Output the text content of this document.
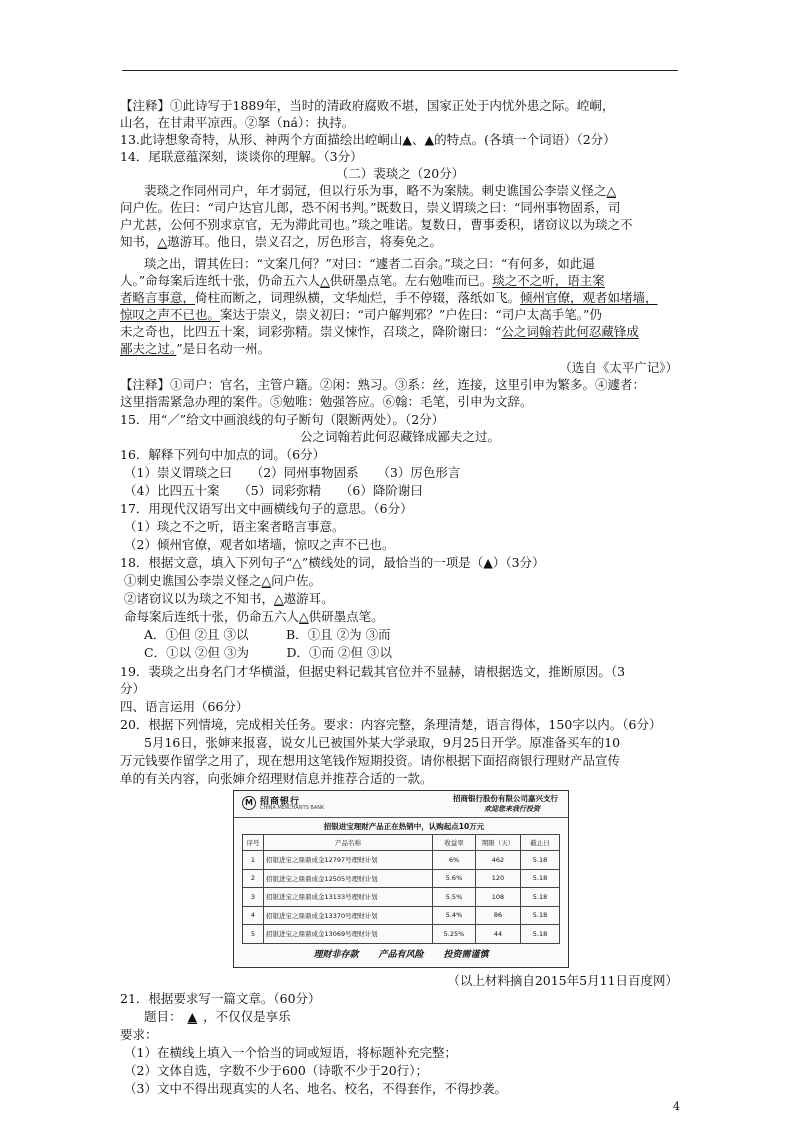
【注释】①此诗写于1889年，当时的清政府腐败不堪，国家正处于内忧外患之际。崆峒，
山名，在甘肃平凉西。②拏（ná）：执持。
13.此诗想象奇特，从形、神两个方面描绘出崆峒山▲、▲的特点。(各填一个词语）（2分）
14．尾联意蕴深刻，谈谈你的理解。（3分）
（二）裴琰之（20分）
裴琰之作同州司户，年才弱冠，但以行乐为事，略不为案牍。刺史谯国公李崇义怪之△
问户佐。佐曰：“司户达官儿郎，恐不闲书判。”既数日，崇义谓琰之曰：“同州事物固系，司
户尤甚，公何不别求京官，无为滞此司也。”琰之唯诺。复数日，曹事委积，诸窃议以为琰之不
知书，△遨游耳。他日，崇义召之，厉色形言，将奏免之。
琰之出，谓其佐曰：“文案几何？”对曰：“遽者二百余。”琰之曰：“有何多，如此逼
人。”命每案后连纸十张，仍命五六人△供研墨点笔。左右勉唯而已。琰之不之听，语主案
者略言事意，倚柱而断之，词理纵横，文华灿烂，手不停辍，落纸如飞。倾州官僚，观者如堵墙，
惊叹之声不已也。案达于崇义，崇义初曰：“司户解判邪？”户佐曰：“司户太高手笔。”仍
未之奇也，比四五十案，词彩弥精。崇义悚怍，召琰之，降阶谢曰：“公之词翰若此何忍藏锋成
鄙夫之过。”是日名动一州。
（选自《太平广记》）
【注释】①司户：官名，主管户籍。②闲：熟习。③系：丝，连接，这里引申为繁多。④遽者：
这里指需紧急办理的案件。⑤勉唯：勉强答应。⑥翰：毛笔，引申为文辞。
15．用“／”给文中画浪线的句子断句（限断两处）。（2分）
公之词翰若此何忍藏锋成鄙夫之过。
16．解释下列句中加点的词。（6分）
（1）崇义谓琰之曰　　（2）同州事物固系　　（3）厉色形言
（4）比四五十案　　（5）词彩弥精　　（6）降阶谢曰
17．用现代汉语写出文中画横线句子的意思。（6分）
（1）琰之不之听，语主案者略言事意。
（2）倾州官僚，观者如堵墙，惊叹之声不已也。
18．根据文意，填入下列句子“△”横线处的词，最恰当的一项是（▲）（3分）
①刺史谯国公李崇义怪之△问户佐。
②诸窃议以为琰之不知书，△遨游耳。
命每案后连纸十张，仍命五六人△供研墨点笔。
A．①但 ②且 ③以　　　B．①且 ②为 ③而
C．①以 ②但 ③为　　　D．①而 ②但 ③以
19．裴琰之出身名门才华横溢，但据史料记载其官位并不显赫，请根据选文，推断原因。（3
分）
四、语言运用（66分）
20．根据下列情境，完成相关任务。要求：内容完整，条理清楚，语言得体，150字以内。（6分）
5月16日，张婶来报喜，说女儿已被国外某大学录取，9月25日开学。原准备买车的10
万元钱要作留学之用了，现在想用这笔钱作短期投资。请你根据下面招商银行理财产品宣传
单的有关内容，向张婶介绍理财信息并推荐合适的一款。
M 招商银行
CHINA MERCHANTS BANK
招商银行股份有限公司嘉兴支行
欢迎您来我行投资
招银进宝理财产品正在热销中，认购起点10万元
序号	产品名称	收益率	期限（天）	截止日
1	招银进宝之鼎鼎成金12797号理财计划	6%	462	5.18
2	招银进宝之鼎鼎成金12505号理财计划	5.6%	120	5.18
3	招银进宝之鼎鼎成金13133号理财计划	5.5%	108	5.18
4	招银进宝之鼎鼎成金13370号理财计划	5.4%	86	5.18
5	招银进宝之鼎鼎成金13069号理财计划	5.25%	44	5.18
理财非存款 产品有风险 投资需谨慎
（以上材料摘自2015年5月11日百度网）
21．根据要求写一篇文章。（60分）
题目： ▲ ，不仅仅是享乐
要求：
（1）在横线上填入一个恰当的词或短语，将标题补充完整；
（2）文体自选，字数不少于600（诗歌不少于20行）；
（3）文中不得出现真实的人名、地名、校名，不得套作，不得抄袭。
4
